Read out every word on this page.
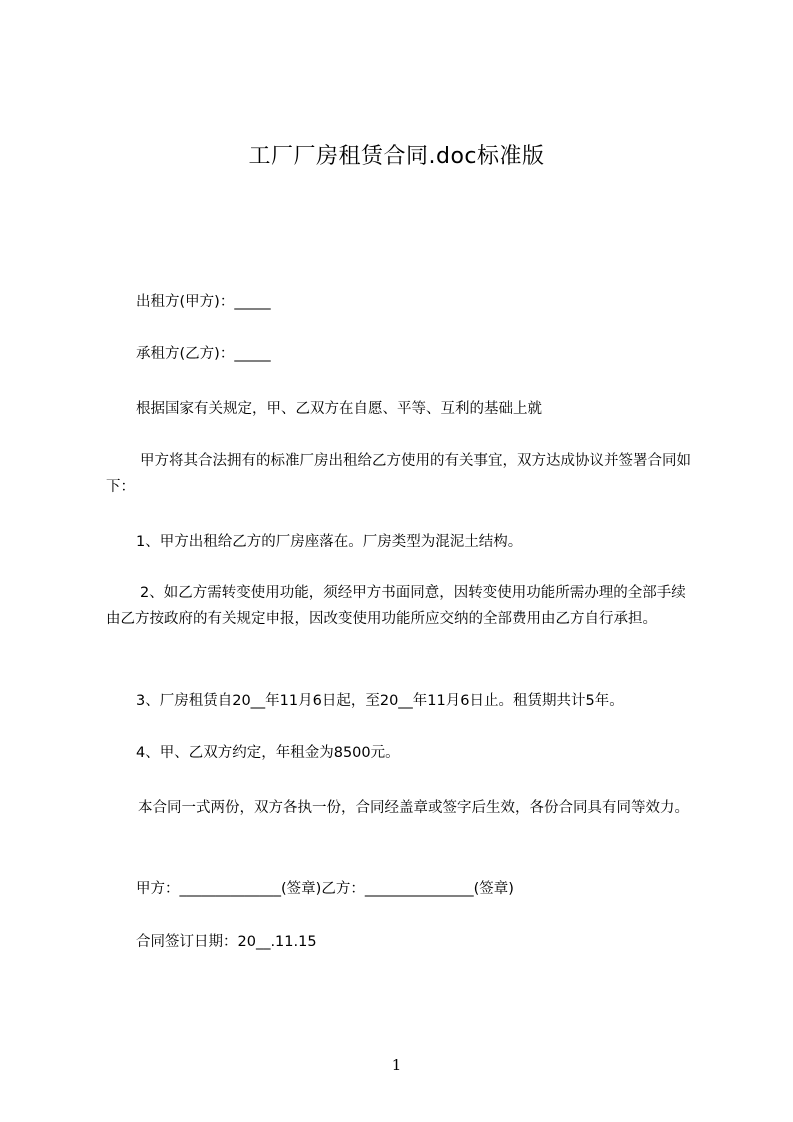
工厂厂房租赁合同.doc标准版
出租方(甲方)：_____
承租方(乙方)：_____
根据国家有关规定，甲、乙双方在自愿、平等、互利的基础上就
甲方将其合法拥有的标准厂房出租给乙方使用的有关事宜，双方达成协议并签署合同如下：
1、甲方出租给乙方的厂房座落在。厂房类型为混泥土结构。
2、如乙方需转变使用功能，须经甲方书面同意，因转变使用功能所需办理的全部手续由乙方按政府的有关规定申报，因改变使用功能所应交纳的全部费用由乙方自行承担。
3、厂房租赁自20__年11月6日起，至20__年11月6日止。租赁期共计5年。
4、甲、乙双方约定，年租金为8500元。
本合同一式两份，双方各执一份，合同经盖章或签字后生效，各份合同具有同等效力。
甲方：______________(签章)乙方：_______________(签章)
合同签订日期：20__.11.15
1
